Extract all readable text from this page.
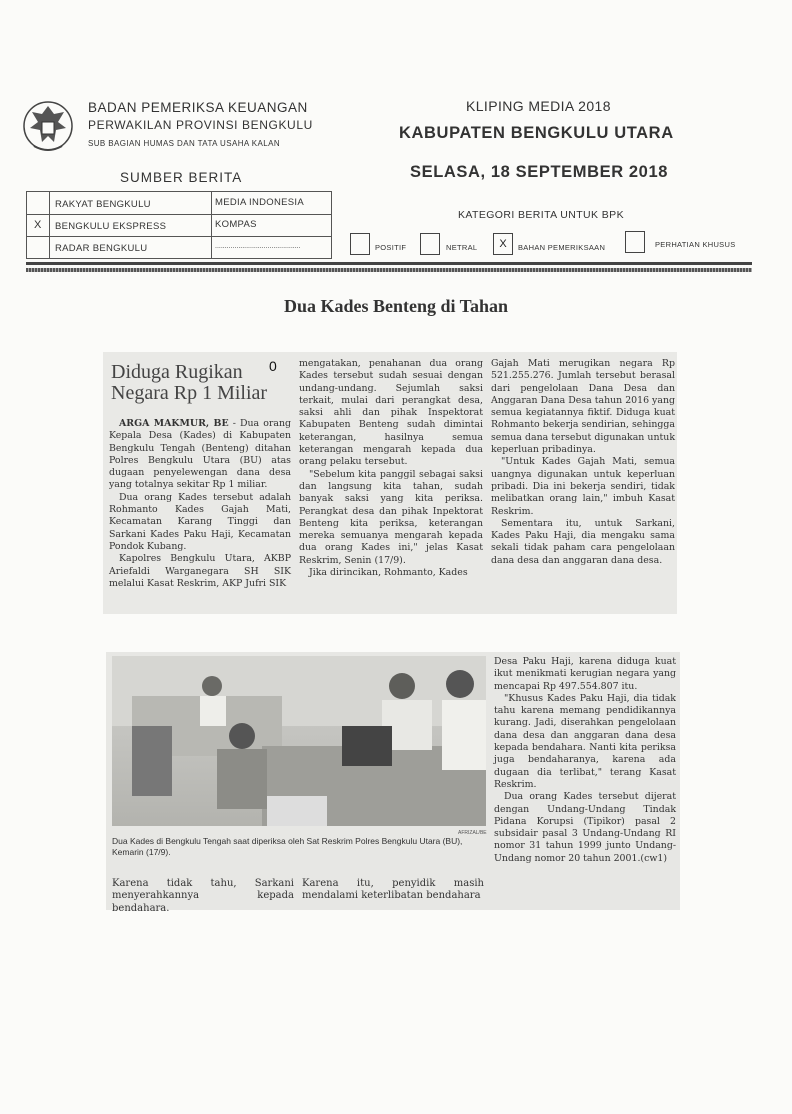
BADAN PEMERIKSA KEUANGAN
PERWAKILAN PROVINSI BENGKULU
SUB BAGIAN HUMAS DAN TATA USAHA KALAN
KLIPING MEDIA 2018
KABUPATEN BENGKULU UTARA
SELASA, 18 SEPTEMBER 2018
SUMBER BERITA
RAKYAT BENGKULU	MEDIA INDONESIA
X BENGKULU EKSPRESS	KOMPAS
RADAR BENGKULU	............................................
KATEGORI BERITA UNTUK BPK
POSITIF	NETRAL	X	BAHAN PEMERIKSAAN	PERHATIAN KHUSUS
Dua Kades Benteng di Tahan
Diduga Rugikan Negara Rp 1 Miliar
0

ARGA MAKMUR, BE - Dua orang Kepala Desa (Kades) di Kabupaten Bengkulu Tengah (Benteng) ditahan Polres Bengkulu Utara (BU) atas dugaan penyelewengan dana desa yang totalnya sekitar Rp 1 miliar.

Dua orang Kades tersebut adalah Rohmanto Kades Gajah Mati, Kecamatan Karang Tinggi dan Sarkani Kades Paku Haji, Kecamatan Pondok Kubang.

Kapolres Bengkulu Utara, AKBP Ariefaldi Warganegara SH SIK melalui Kasat Reskrim, AKP Jufri SIK

mengatakan, penahanan dua orang Kades tersebut sudah sesuai dengan undang-undang. Sejumlah saksi terkait, mulai dari perangkat desa, saksi ahli dan pihak Inspektorat Kabupaten Benteng sudah dimintai keterangan, hasilnya semua keterangan mengarah kepada dua orang pelaku tersebut.

"Sebelum kita panggil sebagai saksi dan langsung kita tahan, sudah banyak saksi yang kita periksa. Perangkat desa dan pihak Inpektorat Benteng kita periksa, keterangan mereka semuanya mengarah kepada dua orang Kades ini," jelas Kasat Reskrim, Senin (17/9).

Jika dirincikan, Rohmanto, Kades

Gajah Mati merugikan negara Rp 521.255.276. Jumlah tersebut berasal dari pengelolaan Dana Desa dan Anggaran Dana Desa tahun 2016 yang semua kegiatannya fiktif. Diduga kuat Rohmanto bekerja sendirian, sehingga semua dana tersebut digunakan untuk keperluan pribadinya.

"Untuk Kades Gajah Mati, semua uangnya digunakan untuk keperluan pribadi. Dia ini bekerja sendiri, tidak melibatkan orang lain," imbuh Kasat Reskrim.

Sementara itu, untuk Sarkani, Kades Paku Haji, dia mengaku sama sekali tidak paham cara pengelolaan dana desa dan anggaran dana desa.

AFRIZAL/BE
Dua Kades di Bengkulu Tengah saat diperiksa oleh Sat Reskrim Polres Bengkulu Utara (BU), Kemarin (17/9).

Karena tidak tahu, Sarkani menyerahkannya kepada bendahara.

Karena itu, penyidik masih mendalami keterlibatan bendahara

Desa Paku Haji, karena diduga kuat ikut menikmati kerugian negara yang mencapai Rp 497.554.807 itu.

"Khusus Kades Paku Haji, dia tidak tahu karena memang pendidikannya kurang. Jadi, diserahkan pengelolaan dana desa dan anggaran dana desa kepada bendahara. Nanti kita periksa juga bendaharanya, karena ada dugaan dia terlibat," terang Kasat Reskrim.

Dua orang Kades tersebut dijerat dengan Undang-Undang Tindak Pidana Korupsi (Tipikor) pasal 2 subsidair pasal 3 Undang-Undang RI nomor 31 tahun 1999 junto Undang-Undang nomor 20 tahun 2001.(cw1)
